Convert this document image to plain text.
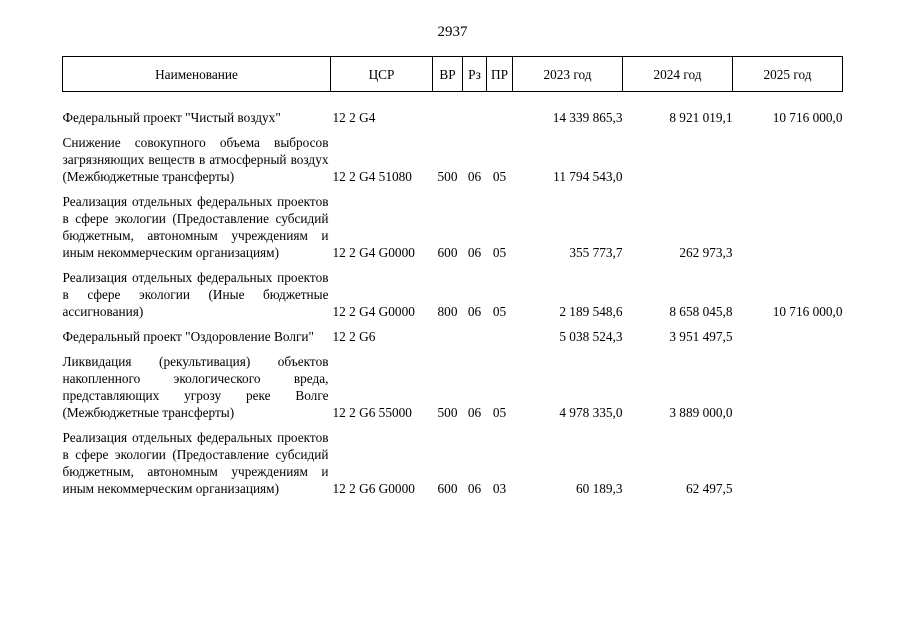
2937
Наименование	ЦСР	ВР	Рз	ПР	2023 год	2024 год	2025 год
Федеральный проект "Чистый воздух"	12 2 G4				14 339 865,3	8 921 019,1	10 716 000,0
Снижение совокупного объема выбросов загрязняющих веществ в атмосферный воздух (Межбюджетные трансферты)	12 2 G4 51080	500	06	05	11 794 543,0		
Реализация отдельных федеральных проектов в сфере экологии (Предоставление субсидий бюджетным, автономным учреждениям и иным некоммерческим организациям)	12 2 G4 G0000	600	06	05	355 773,7	262 973,3	
Реализация отдельных федеральных проектов в сфере экологии (Иные бюджетные ассигнования)	12 2 G4 G0000	800	06	05	2 189 548,6	8 658 045,8	10 716 000,0
Федеральный проект "Оздоровление Волги"	12 2 G6				5 038 524,3	3 951 497,5	
Ликвидация (рекультивация) объектов накопленного экологического вреда, представляющих угрозу реке Волге (Межбюджетные трансферты)	12 2 G6 55000	500	06	05	4 978 335,0	3 889 000,0	
Реализация отдельных федеральных проектов в сфере экологии (Предоставление субсидий бюджетным, автономным учреждениям и иным некоммерческим организациям)	12 2 G6 G0000	600	06	03	60 189,3	62 497,5	
